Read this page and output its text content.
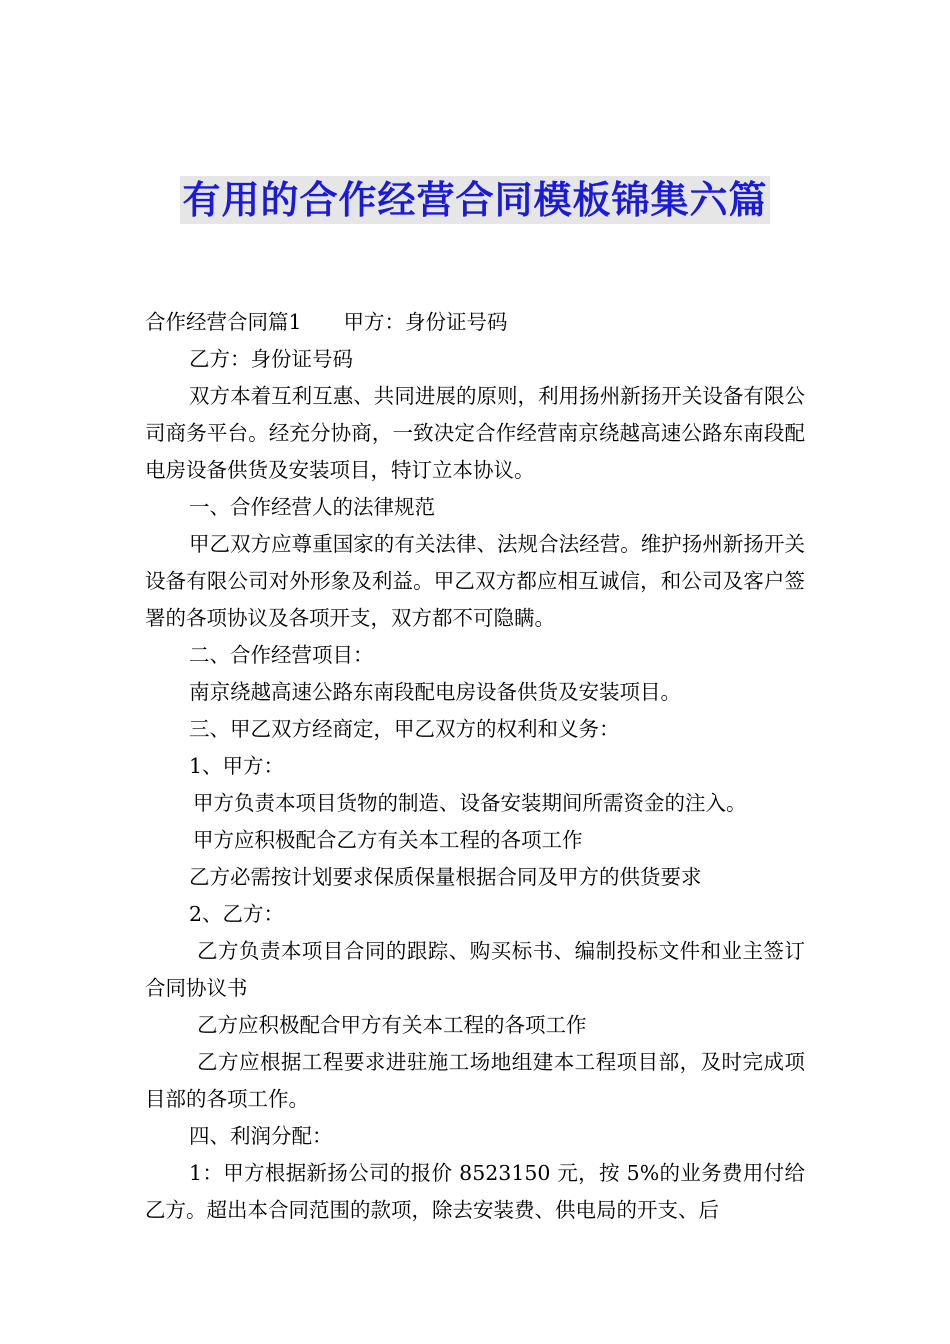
有用的合作经营合同模板锦集六篇

合作经营合同篇1 甲方：身份证号码

乙方：身份证号码

双方本着互利互惠、共同进展的原则，利用扬州新扬开关设备有限公司商务平台。经充分协商，一致决定合作经营南京绕越高速公路东南段配电房设备供货及安装项目，特订立本协议。

一、合作经营人的法律规范

甲乙双方应尊重国家的有关法律、法规合法经营。维护扬州新扬开关设备有限公司对外形象及利益。甲乙双方都应相互诚信，和公司及客户签署的各项协议及各项开支，双方都不可隐瞒。

二、合作经营项目：

南京绕越高速公路东南段配电房设备供货及安装项目。

三、甲乙双方经商定，甲乙双方的权利和义务：

1、甲方：

甲方负责本项目货物的制造、设备安装期间所需资金的注入。

甲方应积极配合乙方有关本工程的各项工作

乙方必需按计划要求保质保量根据合同及甲方的供货要求

2、乙方：

乙方负责本项目合同的跟踪、购买标书、编制投标文件和业主签订合同协议书

乙方应积极配合甲方有关本工程的各项工作

乙方应根据工程要求进驻施工场地组建本工程项目部，及时完成项目部的各项工作。

四、利润分配：

1：甲方根据新扬公司的报价 8523150 元，按 5%的业务费用付给乙方。超出本合同范围的款项，除去安装费、供电局的开支、后
